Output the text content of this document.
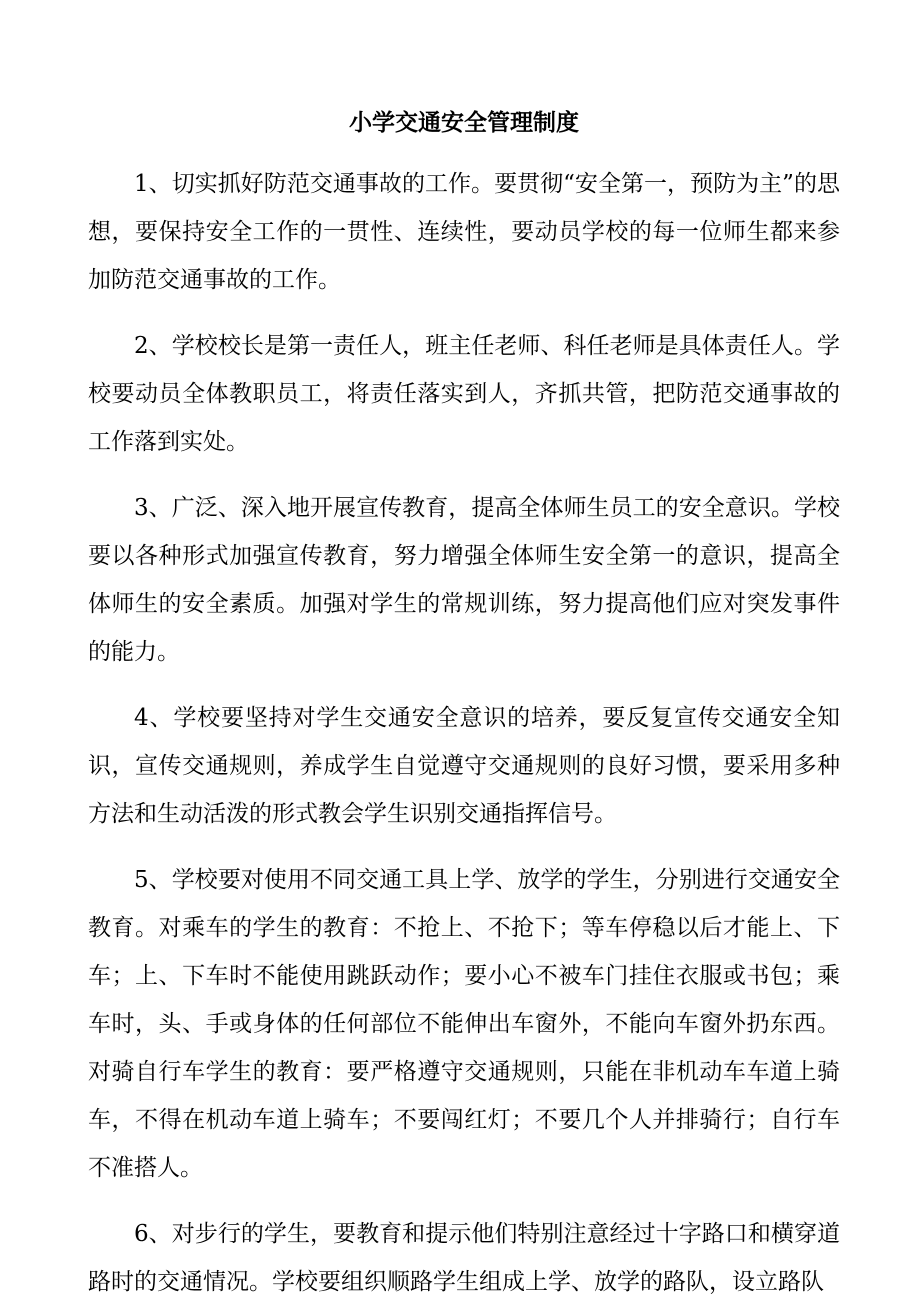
小学交通安全管理制度

1、切实抓好防范交通事故的工作。要贯彻“安全第一，预防为主”的思想，要保持安全工作的一贯性、连续性，要动员学校的每一位师生都来参加防范交通事故的工作。

2、学校校长是第一责任人，班主任老师、科任老师是具体责任人。学校要动员全体教职员工，将责任落实到人，齐抓共管，把防范交通事故的工作落到实处。

3、广泛、深入地开展宣传教育，提高全体师生员工的安全意识。学校要以各种形式加强宣传教育，努力增强全体师生安全第一的意识，提高全体师生的安全素质。加强对学生的常规训练，努力提高他们应对突发事件的能力。

4、学校要坚持对学生交通安全意识的培养，要反复宣传交通安全知识，宣传交通规则，养成学生自觉遵守交通规则的良好习惯，要采用多种方法和生动活泼的形式教会学生识别交通指挥信号。

5、学校要对使用不同交通工具上学、放学的学生，分别进行交通安全教育。对乘车的学生的教育：不抢上、不抢下；等车停稳以后才能上、下车；上、下车时不能使用跳跃动作；要小心不被车门挂住衣服或书包；乘车时，头、手或身体的任何部位不能伸出车窗外，不能向车窗外扔东西。对骑自行车学生的教育：要严格遵守交通规则，只能在非机动车车道上骑车，不得在机动车道上骑车；不要闯红灯；不要几个人并排骑行；自行车不准搭人。

6、对步行的学生，要教育和提示他们特别注意经过十字路口和横穿道路时的交通情况。学校要组织顺路学生组成上学、放学的路队，设立路队
